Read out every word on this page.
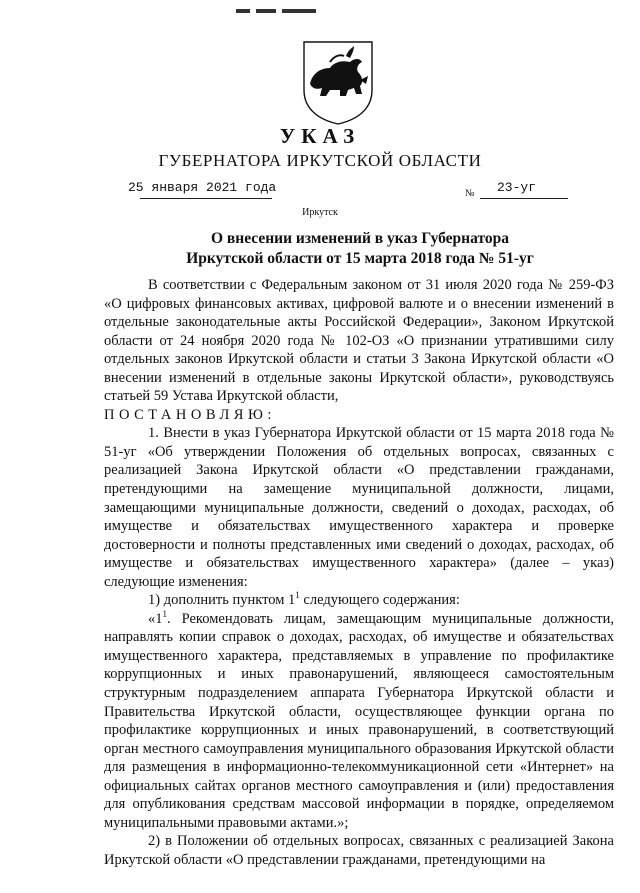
УКАЗ
ГУБЕРНАТОРА ИРКУТСКОЙ ОБЛАСТИ
25 января 2021 года	№ 23-уг
Иркутск
О внесении изменений в указ Губернатора
Иркутской области от 15 марта 2018 года № 51-уг

В соответствии с Федеральным законом от 31 июля 2020 года № 259-ФЗ «О цифровых финансовых активах, цифровой валюте и о внесении изменений в отдельные законодательные акты Российской Федерации», Законом Иркутской области от 24 ноября 2020 года № 102-ОЗ «О признании утратившими силу отдельных законов Иркутской области и статьи 3 Закона Иркутской области «О внесении изменений в отдельные законы Иркутской области», руководствуясь статьей 59 Устава Иркутской области,

ПОСТАНОВЛЯЮ:

1. Внести в указ Губернатора Иркутской области от 15 марта 2018 года № 51-уг «Об утверждении Положения об отдельных вопросах, связанных с реализацией Закона Иркутской области «О представлении гражданами, претендующими на замещение муниципальной должности, лицами, замещающими муниципальные должности, сведений о доходах, расходах, об имуществе и обязательствах имущественного характера и проверке достоверности и полноты представленных ими сведений о доходах, расходах, об имуществе и обязательствах имущественного характера» (далее – указ) следующие изменения:

1) дополнить пунктом $1^1$ следующего содержания:

«$1^1$. Рекомендовать лицам, замещающим муниципальные должности, направлять копии справок о доходах, расходах, об имуществе и обязательствах имущественного характера, представляемых в управление по профилактике коррупционных и иных правонарушений, являющееся самостоятельным структурным подразделением аппарата Губернатора Иркутской области и Правительства Иркутской области, осуществляющее функции органа по профилактике коррупционных и иных правонарушений, в соответствующий орган местного самоуправления муниципального образования Иркутской области для размещения в информационно-телекоммуникационной сети «Интернет» на официальных сайтах органов местного самоуправления и (или) предоставления для опубликования средствам массовой информации в порядке, определяемом муниципальными правовыми актами.»;

2) в Положении об отдельных вопросах, связанных с реализацией Закона Иркутской области «О представлении гражданами, претендующими на
